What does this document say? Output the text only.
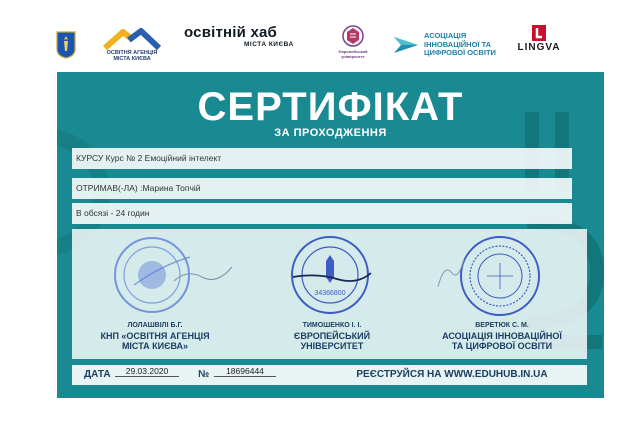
ОСВІТНЯ АГЕНЦІЯ МІСТА КИЄВА
освітній хаб
МІСТА КИЄВА
Європейський університет
АСОЦІАЦІЯ
ІННОВАЦІЙНОЇ ТА
ЦИФРОВОЇ ОСВІТИ LINGVA
СЕРТИФІКАТ
ЗА ПРОХОДЖЕННЯ
КУРСУ Курс № 2 Емоційний інтелект
ОТРИМАВ(-ЛА) :Марина Топчій
В обсязі - 24 годин
34366800
ЛОЛАШВІЛІ Б.Г.
КНП «ОСВІТНЯ АГЕНЦІЯ
МІСТА КИЄВА»
ТИМОШЕНКО І. І.
ЄВРОПЕЙСЬКИЙ
УНІВЕРСИТЕТ
ВЕРЕТЮК С. М.
АСОЦІАЦІЯ ІННОВАЦІЙНОЇ
ТА ЦИФРОВОЇ ОСВІТИ
ДАТА	29.03.2020	№	18696444	РЕЄСТРУЙСЯ НА WWW.EDUHUB.IN.UA
